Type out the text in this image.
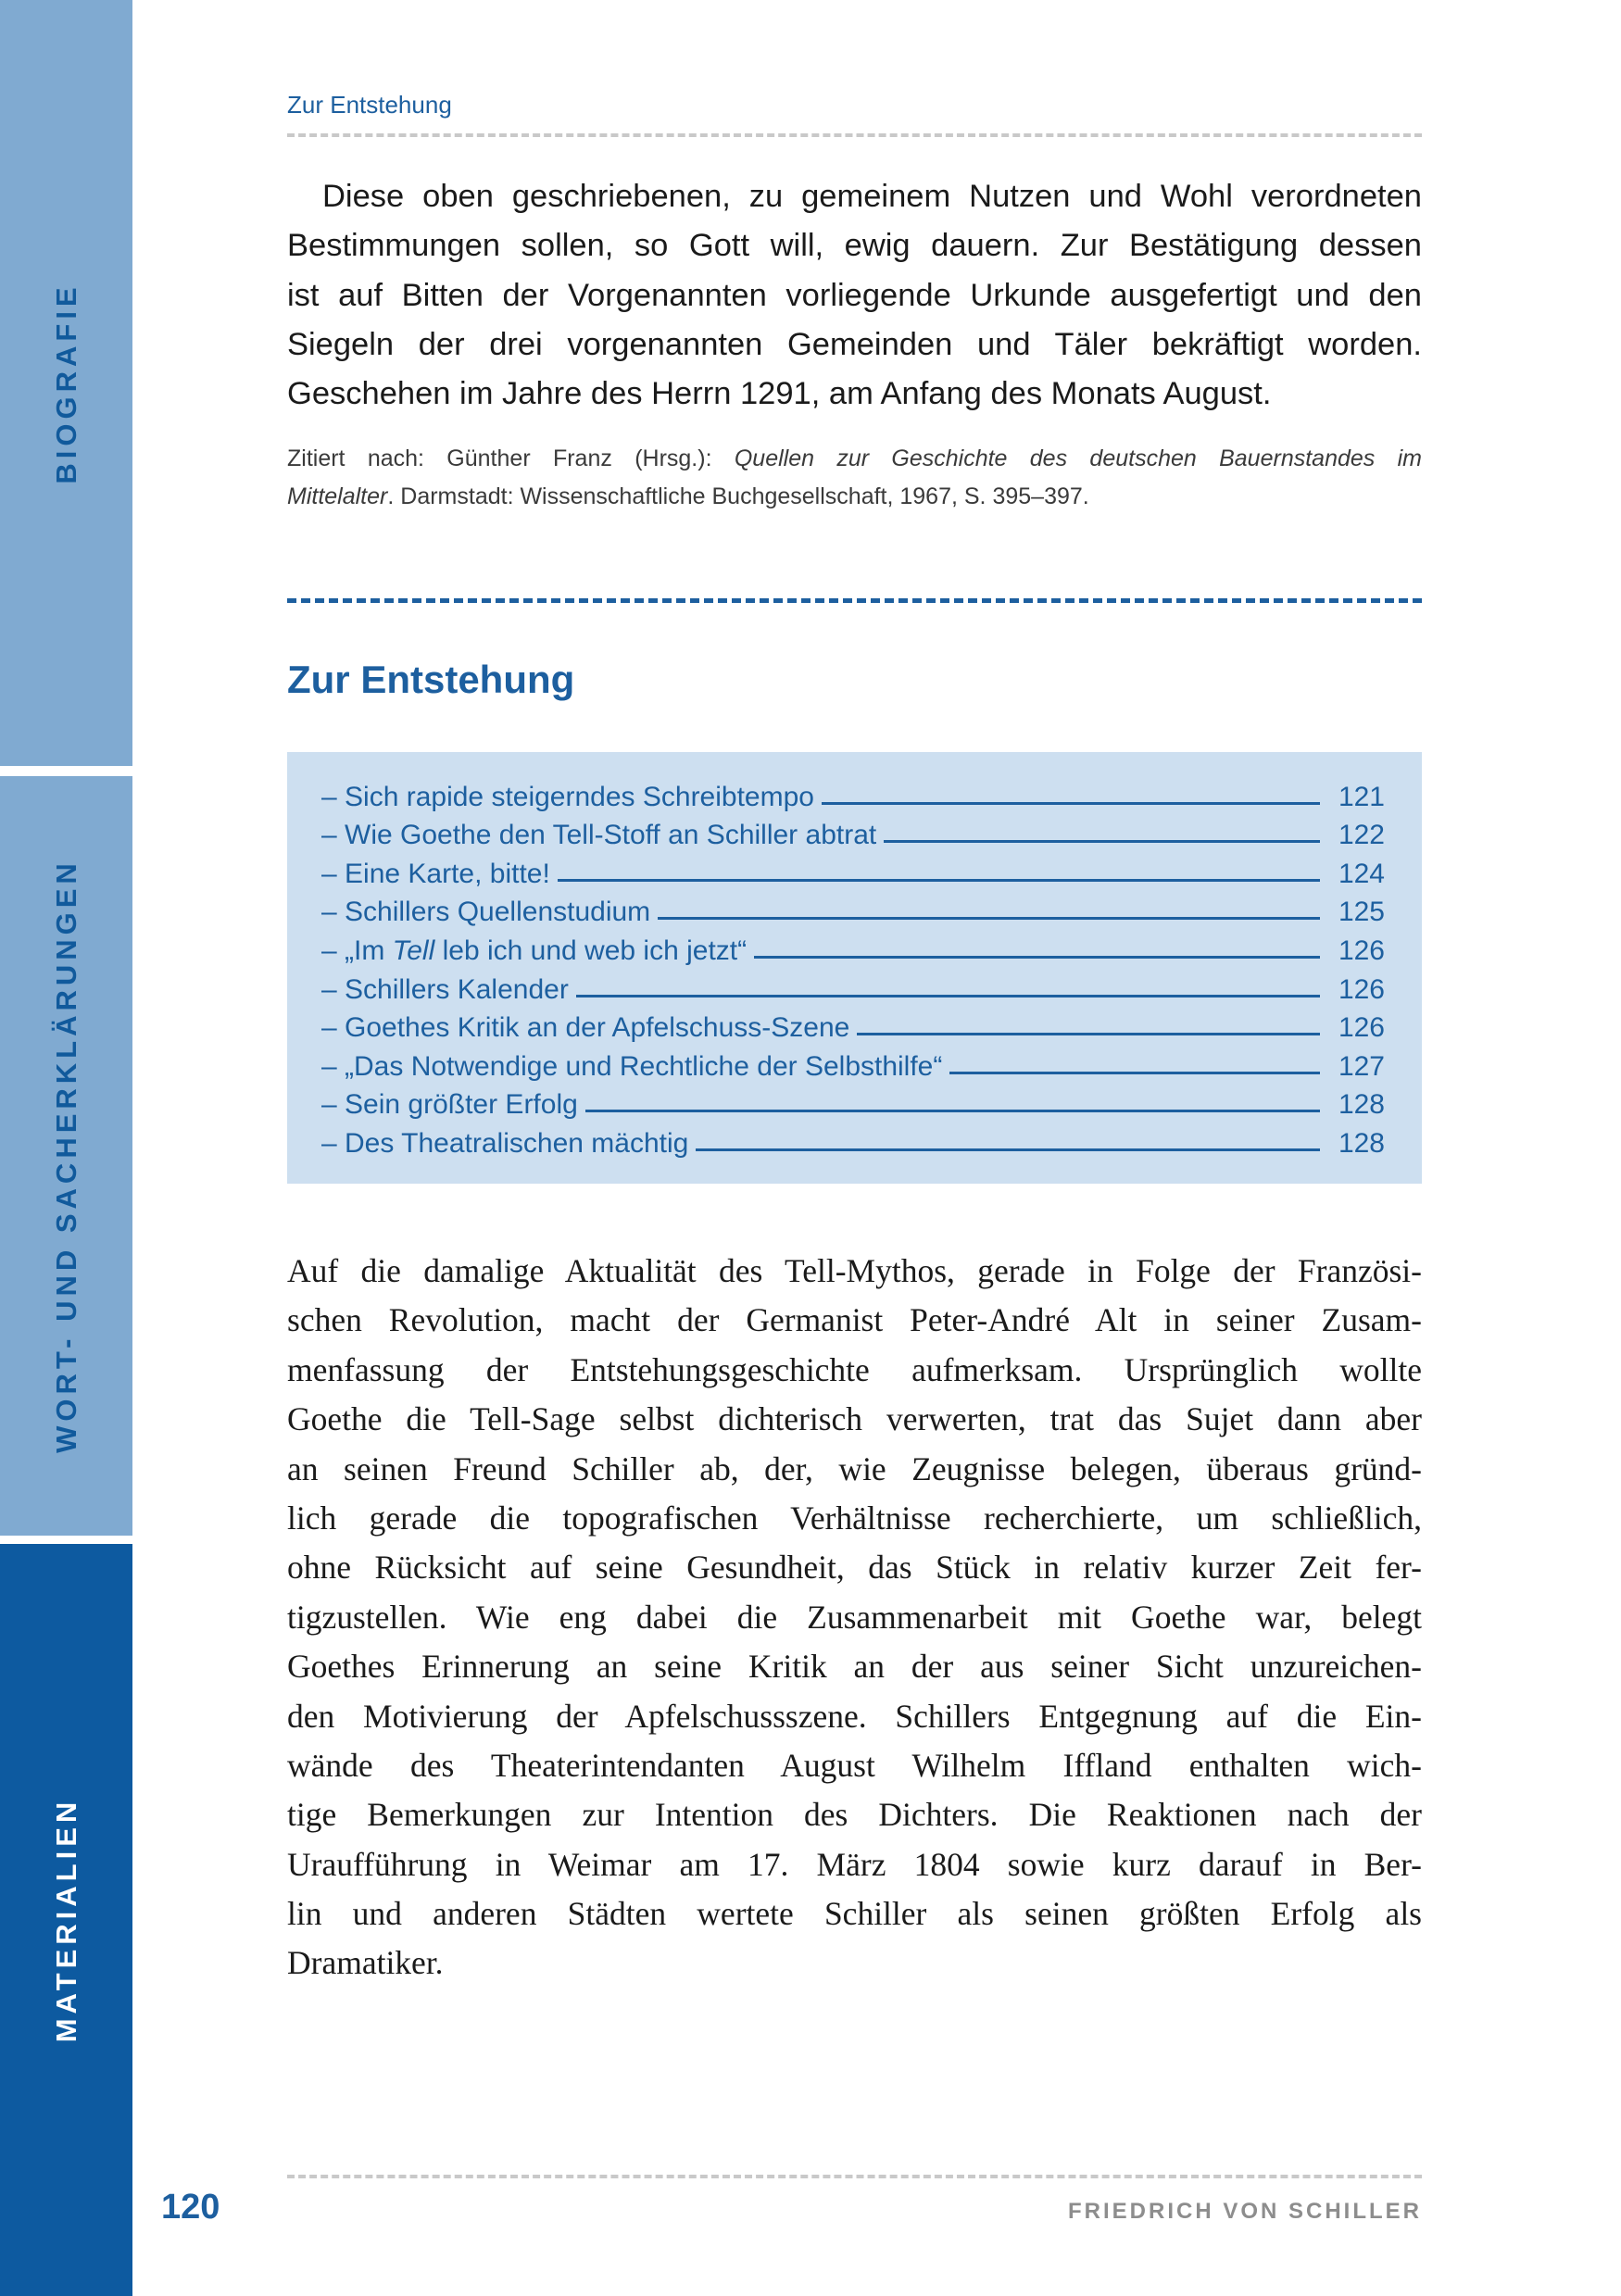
BIOGRAFIE
WORT- UND SACHERKLÄRUNGEN
MATERIALIEN
Zur Entstehung
Diese oben geschriebenen, zu gemeinem Nutzen und Wohl verordneten
Bestimmungen sollen, so Gott will, ewig dauern. Zur Bestätigung dessen
ist auf Bitten der Vorgenannten vorliegende Urkunde ausgefertigt und den
Siegeln der drei vorgenannten Gemeinden und Täler bekräftigt worden.
Geschehen im Jahre des Herrn 1291, am Anfang des Monats August.
Zitiert nach: Günther Franz (Hrsg.): Quellen zur Geschichte des deutschen Bauernstandes im
Mittelalter. Darmstadt: Wissenschaftliche Buchgesellschaft, 1967, S. 395–397.
Zur Entstehung
– Sich rapide steigerndes Schreibtempo	121
– Wie Goethe den Tell-Stoff an Schiller abtrat	122
– Eine Karte, bitte!	124
– Schillers Quellenstudium	125
– „Im Tell leb ich und web ich jetzt“	126
– Schillers Kalender	126
– Goethes Kritik an der Apfelschuss-Szene	126
– „Das Notwendige und Rechtliche der Selbsthilfe“	127
– Sein größter Erfolg	128
– Des Theatralischen mächtig	128
Auf die damalige Aktualität des Tell-Mythos, gerade in Folge der Französi-
schen Revolution, macht der Germanist Peter-André Alt in seiner Zusam-
menfassung der Entstehungsgeschichte aufmerksam. Ursprünglich wollte
Goethe die Tell-Sage selbst dichterisch verwerten, trat das Sujet dann aber
an seinen Freund Schiller ab, der, wie Zeugnisse belegen, überaus gründ-
lich gerade die topografischen Verhältnisse recherchierte, um schließlich,
ohne Rücksicht auf seine Gesundheit, das Stück in relativ kurzer Zeit fer-
tigzustellen. Wie eng dabei die Zusammenarbeit mit Goethe war, belegt
Goethes Erinnerung an seine Kritik an der aus seiner Sicht unzureichen-
den Motivierung der Apfelschussszene. Schillers Entgegnung auf die Ein-
wände des Theaterintendanten August Wilhelm Iffland enthalten wich-
tige Bemerkungen zur Intention des Dichters. Die Reaktionen nach der
Uraufführung in Weimar am 17. März 1804 sowie kurz darauf in Ber-
lin und anderen Städten wertete Schiller als seinen größten Erfolg als
Dramatiker.
120	FRIEDRICH VON SCHILLER
